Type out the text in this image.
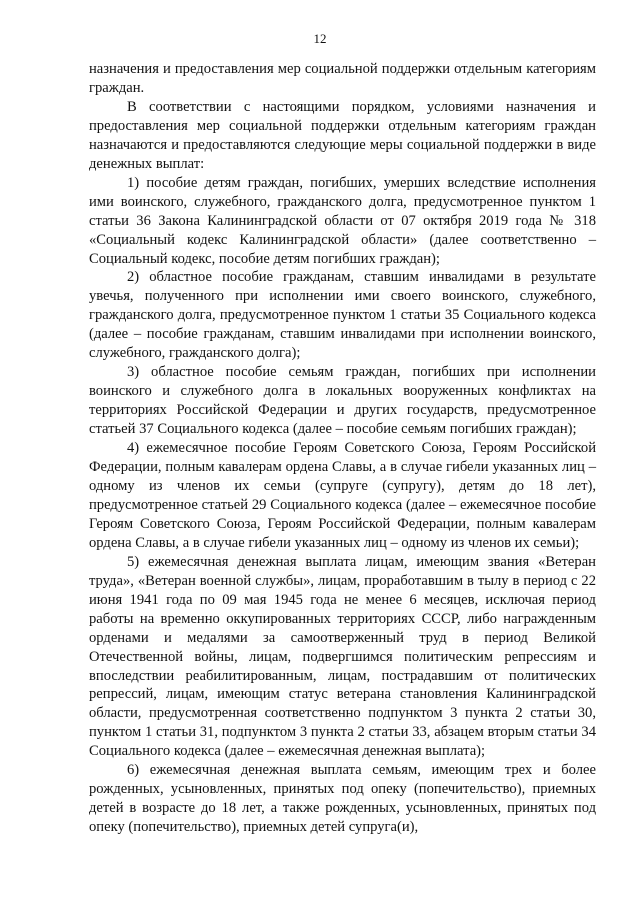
12

назначения и предоставления мер социальной поддержки отдельным категориям граждан.

В соответствии с настоящими порядком, условиями назначения и предоставления мер социальной поддержки отдельным категориям граждан назначаются и предоставляются следующие меры социальной поддержки в виде денежных выплат:

1) пособие детям граждан, погибших, умерших вследствие исполнения ими воинского, служебного, гражданского долга, предусмотренное пунктом 1 статьи 36 Закона Калининградской области от 07 октября 2019 года № 318 «Социальный кодекс Калининградской области» (далее соответственно – Социальный кодекс, пособие детям погибших граждан);

2) областное пособие гражданам, ставшим инвалидами в результате увечья, полученного при исполнении ими своего воинского, служебного, гражданского долга, предусмотренное пунктом 1 статьи 35 Социального кодекса (далее – пособие гражданам, ставшим инвалидами при исполнении воинского, служебного, гражданского долга);

3) областное пособие семьям граждан, погибших при исполнении воинского и служебного долга в локальных вооруженных конфликтах на территориях Российской Федерации и других государств, предусмотренное статьей 37 Социального кодекса (далее – пособие семьям погибших граждан);

4) ежемесячное пособие Героям Советского Союза, Героям Российской Федерации, полным кавалерам ордена Славы, а в случае гибели указанных лиц – одному из членов их семьи (супруге (супругу), детям до 18 лет), предусмотренное статьей 29 Социального кодекса (далее – ежемесячное пособие Героям Советского Союза, Героям Российской Федерации, полным кавалерам ордена Славы, а в случае гибели указанных лиц – одному из членов их семьи);

5) ежемесячная денежная выплата лицам, имеющим звания «Ветеран труда», «Ветеран военной службы», лицам, проработавшим в тылу в период с 22 июня 1941 года по 09 мая 1945 года не менее 6 месяцев, исключая период работы на временно оккупированных территориях СССР, либо награжденным орденами и медалями за самоотверженный труд в период Великой Отечественной войны, лицам, подвергшимся политическим репрессиям и впоследствии реабилитированным, лицам, пострадавшим от политических репрессий, лицам, имеющим статус ветерана становления Калининградской области, предусмотренная соответственно подпунктом 3 пункта 2 статьи 30, пунктом 1 статьи 31, подпунктом 3 пункта 2 статьи 33, абзацем вторым статьи 34 Социального кодекса (далее – ежемесячная денежная выплата);

6) ежемесячная денежная выплата семьям, имеющим трех и более рожденных, усыновленных, принятых под опеку (попечительство), приемных детей в возрасте до 18 лет, а также рожденных, усыновленных, принятых под опеку (попечительство), приемных детей супруга(и),
